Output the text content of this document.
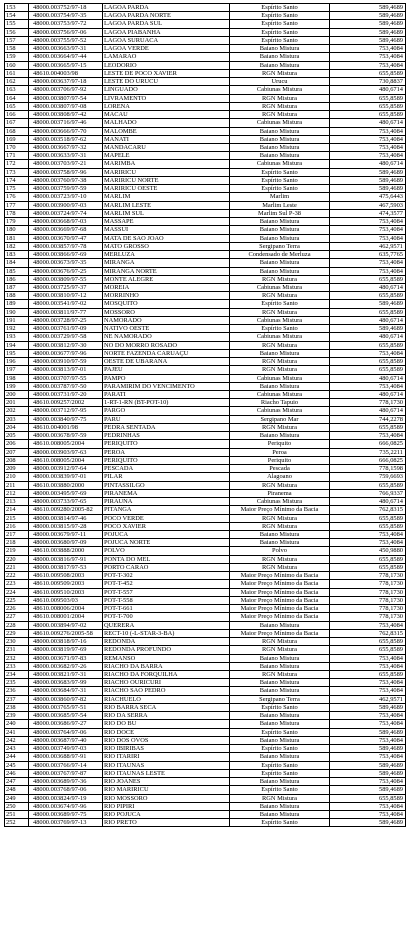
153	48000.003752/97-18	LAGOA PARDA	Espírito Santo	589,4689
154	48000.003754/97-35	LAGOA PARDA NORTE	Espírito Santo	589,4689
155	48000.003753/97-72	LAGOA PARDA SUL	Espírito Santo	589,4689
156	48000.003756/97-06	LAGOA PIABANHA	Espírito Santo	589,4689
157	48000.003755/97-52	LAGOA SURUACA	Espírito Santo	589,4689
158	48000.003663/97-31	LAGOA VERDE	Baiano Mistura	753,4084
159	48000.003664/97-44	LAMARAO	Baiano Mistura	753,4084
160	48000.003665/97-15	LEODORIO	Baiano Mistura	753,4084
161	48610.004003/98	LESTE DE POCO XAVIER	RGN Mistura	655,8589
162	48000.003637/97-18	LESTE DO URUCU	Urucu	730,8837
163	48000.003706/97-92	LINGUADO	Cabiunas Mistura	480,6714
164	48000.003807/97-54	LIVRAMENTO	RGN Mistura	655,8589
165	48000.003807/97-08	LORENA	RGN Mistura	655,8589
166	48000.003808/97-42	MACAU	RGN Mistura	655,8589
167	48000.003716/97-46	MALHADO	Cabiunas Mistura	480,6714
168	48000.003666/97-70	MALOMBE	Baiano Mistura	753,4084
169	48000.003518/97-62	MANATI	Baiano Mistura	753,4084
170	48000.003667/97-32	MANDACARU	Baiano Mistura	753,4084
171	48000.003633/97-31	MAPELE	Baiano Mistura	753,4084
172	48000.003703/97-21	MARIMBA	Cabiunas Mistura	480,6714
173	48000.003758/97-96	MARIRICU	Espírito Santo	589,4689
174	48000.003760/97-38	MARIRICU NORTE	Espírito Santo	589,4689
175	48000.003759/97-59	MARIRICU OESTE	Espírito Santo	589,4689
176	48000.003723/97-10	MARLIM	Marlim	475,6443
177	48000.003900/97-03	MARLIM LESTE	Marlim Leste	467,5903
178	48000.003724/97-74	MARLIM SUL	Marlim Sul P-38	474,3577
179	48000.003668/97-03	MASSAPE	Baiano Mistura	753,4084
180	48000.003669/97-68	MASSUI	Baiano Mistura	753,4084
181	48000.003670/97-47	MATA DE SAO JOAO	Baiano Mistura	753,4084
182	48000.003857/97-78	MATO GROSSO	Sergipano Terra	462,9571
183	48000.003866/97-69	MERLUZA	Condensado de Merluza	635,7765
184	48000.003673/97-35	MIRANGA	Baiano Mistura	753,4084
185	48000.003676/97-25	MIRANGA NORTE	Baiano Mistura	753,4084
186	48000.003809/97-55	MONTE ALEGRE	RGN Mistura	655,8589
187	48000.003725/97-37	MOREIA	Cabiunas Mistura	480,6714
188	48000.003810/97-12	MORRINHO	RGN Mistura	655,8589
189	48000.003541/97-02	MOSQUITO	Espírito Santo	589,4689
190	48000.003811/97-77	MOSSORO	RGN Mistura	655,8589
191	48000.003728/97-25	NAMORADO	Cabiunas Mistura	480,6714
192	48000.003761/97-09	NATIVO OESTE	Espírito Santo	589,4689
193	48000.003729/97-58	NE NAMORADO	Cabiunas Mistura	480,6714
194	48000.003812/97-30	NO DO MORRO ROSADO	RGN Mistura	655,8589
195	48000.003677/97-96	NORTE FAZENDA CARUAÇU	Baiano Mistura	753,4084
196	48000.003910/97-59	OESTE DE UBARANA	RGN Mistura	655,8589
197	48000.003813/97-01	PAJEU	RGN Mistura	655,8589
198	48000.003707/97-55	PAMPO	Cabiunas Mistura	480,6714
199	48000.003787/97-50	PARAMIRIM DO VENCIMENTO	Baiano Mistura	753,4084
200	48000.003731/97-20	PARATI	Cabiunas Mistura	480,6714
201	48610.009257/2002	1-RT-1-RN (BT-POT-10)	Riacho Tapuio	778,1730
202	48000.003712/97-95	PARGO	Cabiunas Mistura	480,6714
203	48000.003840/97-75	PARU	Sergipano Mar	744,2278
204	48610.004001/98	PEDRA SENTADA	RGN Mistura	655,8589
205	48000.003678/97-59	PEDRINHAS	Baiano Mistura	753,4084
206	48610.008005/2004	PERIQUITO	Periquito	666,0825
207	48000.003903/97-63	PEROA	Peroa	735,2211
208	48610.008005/2004	PERIQUITO	Periquito	666,0825
209	48000.003912/97-64	PESCADA	Pescada	778,1598
210	48000.003839/97-01	PILAR	Alagoano	759,6693
211	48610.003880/2000	PINTASSILGO	RGN Mistura	655,8589
212	48000.003495/97-69	PIRANEMA	Piranema	766,9337
213	48000.003733/97-65	PIRAUNA	Cabiunas Mistura	480,6714
214	48610.009280/2005-82	PITANGA	Maior Preço Mínimo da Bacia	762,8315
215	48000.003814/97-46	POCO VERDE	RGN Mistura	655,8589
216	48000.003815/97-28	POCO XAVIER	RGN Mistura	655,8589
217	48000.003679/97-11	POJUCA	Baiano Mistura	753,4084
218	48000.003680/97-09	POJUCA NORTE	Baiano Mistura	753,4084
219	48610.003888/2000	POLVO	Polvo	450,9880
220	48000.003816/97-91	PONTA DO MEL	RGN Mistura	655,8589
221	48000.003817/97-53	PORTO CARAO	RGN Mistura	655,8589
222	48610.009508/2003	POT-T-302	Maior Preço Mínimo da Bacia	778,1730
223	48610.009509/2003	POT-T-452	Maior Preço Mínimo da Bacia	778,1730
224	48610.009510/2003	POT-T-557	Maior Preço Mínimo da Bacia	778,1730
225	48610.009503/03	POT-T-558	Maior Preço Mínimo da Bacia	778,1730
226	48610.008006/2004	POT-T-661	Maior Preço Mínimo da Bacia	778,1730
227	48610.008001/2004	POT-T-700	Maior Preço Mínimo da Bacia	778,1730
228	48000.003894/97-02	QUERERA	Baiano Mistura	753,4084
229	48610.009276/2005-58	RECT-10 (-L-STAR-3-BA)	Maior Preço Mínimo da Bacia	762,8315
230	48000.003818/97-16	REDONDA	RGN Mistura	655,8589
231	48000.003819/97-69	REDONDA PROFUNDO	RGN Mistura	655,8589
232	48000.003671/97-83	REMANSO	Baiano Mistura	753,4084
233	48000.003682/97-26	RIACHO DA BARRA	Baiano Mistura	753,4084
234	48000.003821/97-31	RIACHO DA FORQUILHA	RGN Mistura	655,8589
235	48000.003683/97-99	RIACHO OURICURI	Baiano Mistura	753,4084
236	48000.003684/97-31	RIACHO SAO PEDRO	Baiano Mistura	753,4084
237	48000.003860/97-82	RIACHUELO	Sergipano Terra	462,9571
238	48000.003765/97-51	RIO BARRA SECA	Espírito Santo	589,4689
239	48000.003685/97-54	RIO DA SERRA	Baiano Mistura	753,4084
240	48000.003686/97-27	RIO DO BU	Baiano Mistura	753,4084
241	48000.003764/97-06	RIO DOCE	Espírito Santo	589,4689
242	48000.003687/97-40	RIO DOS OVOS	Baiano Mistura	753,4084
243	48000.003749/97-03	RIO IBIRIBAS	Espírito Santo	589,4689
244	48000.003688/97-91	RIO ITARIRI	Baiano Mistura	753,4084
245	48000.003766/97-14	RIO ITAUNAS	Espírito Santo	589,4689
246	48000.003767/97-87	RIO ITAUNAS LESTE	Espírito Santo	589,4689
247	48000.003689/97-36	RIO JOANES	Baiano Mistura	753,4084
248	48000.003768/97-06	RIO MARIRICU	Espírito Santo	589,4689
249	48000.003824/97-19	RIO MOSSORO	RGN Mistura	655,8589
250	48000.003674/97-96	RIO PIPIRI	Baiano Mistura	753,4084
251	48000.003689/97-75	RIO POJUCA	Baiano Mistura	753,4084
252	48000.003769/97-13	RIO PRETO	Espírito Santo	589,4689
